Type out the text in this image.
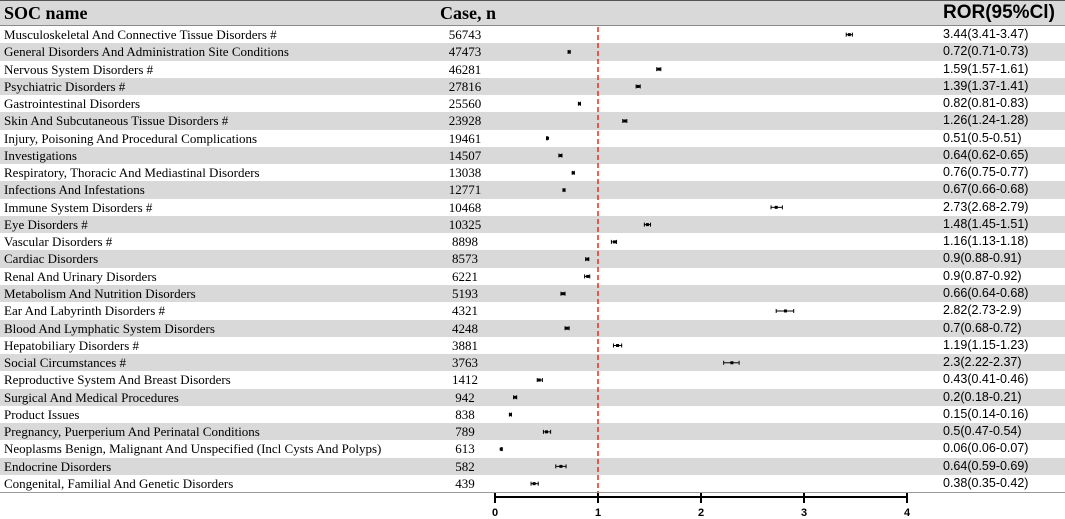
SOC name	Case, n	ROR(95%Cl)
Musculoskeletal And Connective Tissue Disorders #	56743	3.44(3.41-3.47)
General Disorders And Administration Site Conditions	47473	0.72(0.71-0.73)
Nervous System Disorders #	46281	1.59(1.57-1.61)
Psychiatric Disorders #	27816	1.39(1.37-1.41)
Gastrointestinal Disorders	25560	0.82(0.81-0.83)
Skin And Subcutaneous Tissue Disorders #	23928	1.26(1.24-1.28)
Injury, Poisoning And Procedural Complications	19461	0.51(0.5-0.51)
Investigations	14507	0.64(0.62-0.65)
Respiratory, Thoracic And Mediastinal Disorders	13038	0.76(0.75-0.77)
Infections And Infestations	12771	0.67(0.66-0.68)
Immune System Disorders #	10468	2.73(2.68-2.79)
Eye Disorders #	10325	1.48(1.45-1.51)
Vascular Disorders #	8898	1.16(1.13-1.18)
Cardiac Disorders	8573	0.9(0.88-0.91)
Renal And Urinary Disorders	6221	0.9(0.87-0.92)
Metabolism And Nutrition Disorders	5193	0.66(0.64-0.68)
Ear And Labyrinth Disorders #	4321	2.82(2.73-2.9)
Blood And Lymphatic System Disorders	4248	0.7(0.68-0.72)
Hepatobiliary Disorders #	3881	1.19(1.15-1.23)
Social Circumstances #	3763	2.3(2.22-2.37)
Reproductive System And Breast Disorders	1412	0.43(0.41-0.46)
Surgical And Medical Procedures	942	0.2(0.18-0.21)
Product Issues	838	0.15(0.14-0.16)
Pregnancy, Puerperium And Perinatal Conditions	789	0.5(0.47-0.54)
Neoplasms Benign, Malignant And Unspecified (Incl Cysts And Polyps)	613	0.06(0.06-0.07)
Endocrine Disorders	582	0.64(0.59-0.69)
Congenital, Familial And Genetic Disorders	439	0.38(0.35-0.42)
0	1	2	3	4
